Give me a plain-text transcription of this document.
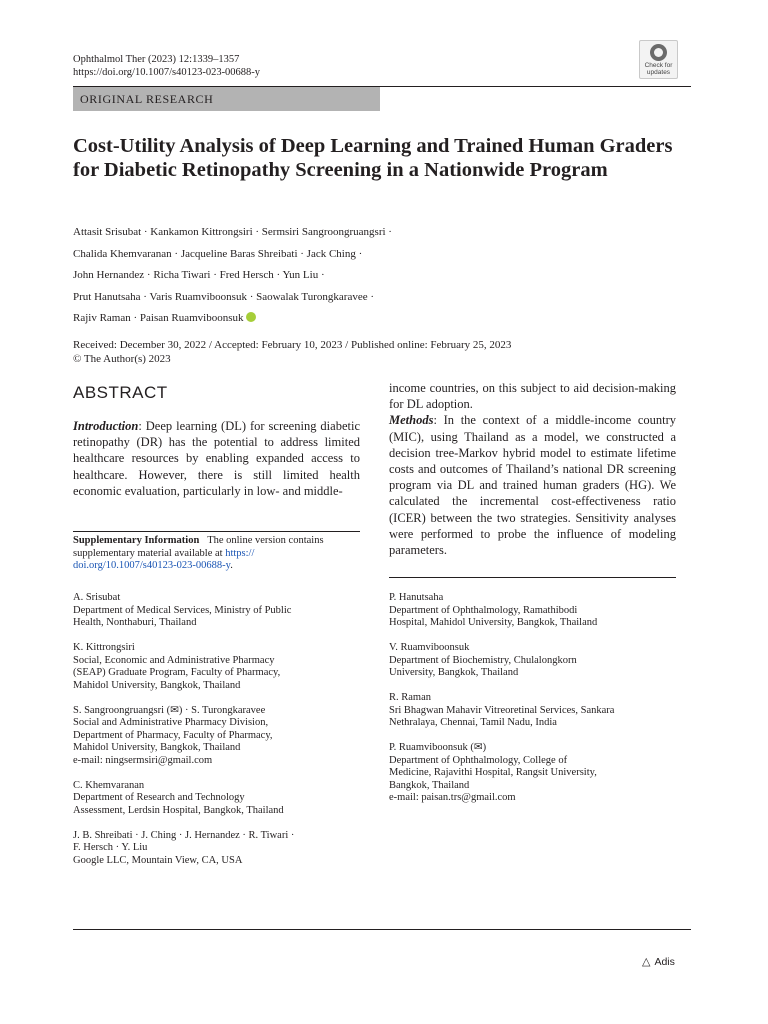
Ophthalmol Ther (2023) 12:1339–1357
https://doi.org/10.1007/s40123-023-00688-y
Check for
updates
ORIGINAL RESEARCH
Cost-Utility Analysis of Deep Learning and Trained Human Graders for Diabetic Retinopathy Screening in a Nationwide Program
Attasit Srisubat · Kankamon Kittrongsiri · Sermsiri Sangroongruangsri ·
Chalida Khemvaranan · Jacqueline Baras Shreibati · Jack Ching ·
John Hernandez · Richa Tiwari · Fred Hersch · Yun Liu ·
Prut Hanutsaha · Varis Ruamviboonsuk · Saowalak Turongkaravee ·
Rajiv Raman · Paisan Ruamviboonsuk
Received: December 30, 2022 / Accepted: February 10, 2023 / Published online: February 25, 2023
© The Author(s) 2023
ABSTRACT
Introduction: Deep learning (DL) for screening diabetic retinopathy (DR) has the potential to address limited healthcare resources by enabling expanded access to healthcare. However, there is still limited health economic evaluation, particularly in low- and middle-
income countries, on this subject to aid decision-making for DL adoption.
Methods: In the context of a middle-income country (MIC), using Thailand as a model, we constructed a decision tree-Markov hybrid model to estimate lifetime costs and outcomes of Thailand’s national DR screening program via DL and trained human graders (HG). We calculated the incremental cost-effectiveness ratio (ICER) between the two strategies. Sensitivity analyses were performed to probe the influence of modeling parameters.
Supplementary Information The online version contains supplementary material available at https://
doi.org/10.1007/s40123-023-00688-y.
A. Srisubat
Department of Medical Services, Ministry of Public
Health, Nonthaburi, Thailand
K. Kittrongsiri
Social, Economic and Administrative Pharmacy
(SEAP) Graduate Program, Faculty of Pharmacy,
Mahidol University, Bangkok, Thailand
S. Sangroongruangsri (✉) · S. Turongkaravee
Social and Administrative Pharmacy Division,
Department of Pharmacy, Faculty of Pharmacy,
Mahidol University, Bangkok, Thailand
e-mail: ningsermsiri@gmail.com
C. Khemvaranan
Department of Research and Technology
Assessment, Lerdsin Hospital, Bangkok, Thailand
J. B. Shreibati · J. Ching · J. Hernandez · R. Tiwari ·
F. Hersch · Y. Liu
Google LLC, Mountain View, CA, USA
P. Hanutsaha
Department of Ophthalmology, Ramathibodi
Hospital, Mahidol University, Bangkok, Thailand
V. Ruamviboonsuk
Department of Biochemistry, Chulalongkorn
University, Bangkok, Thailand
R. Raman
Sri Bhagwan Mahavir Vitreoretinal Services, Sankara
Nethralaya, Chennai, Tamil Nadu, India
P. Ruamviboonsuk (✉)
Department of Ophthalmology, College of
Medicine, Rajavithi Hospital, Rangsit University,
Bangkok, Thailand
e-mail: paisan.trs@gmail.com
△ Adis
